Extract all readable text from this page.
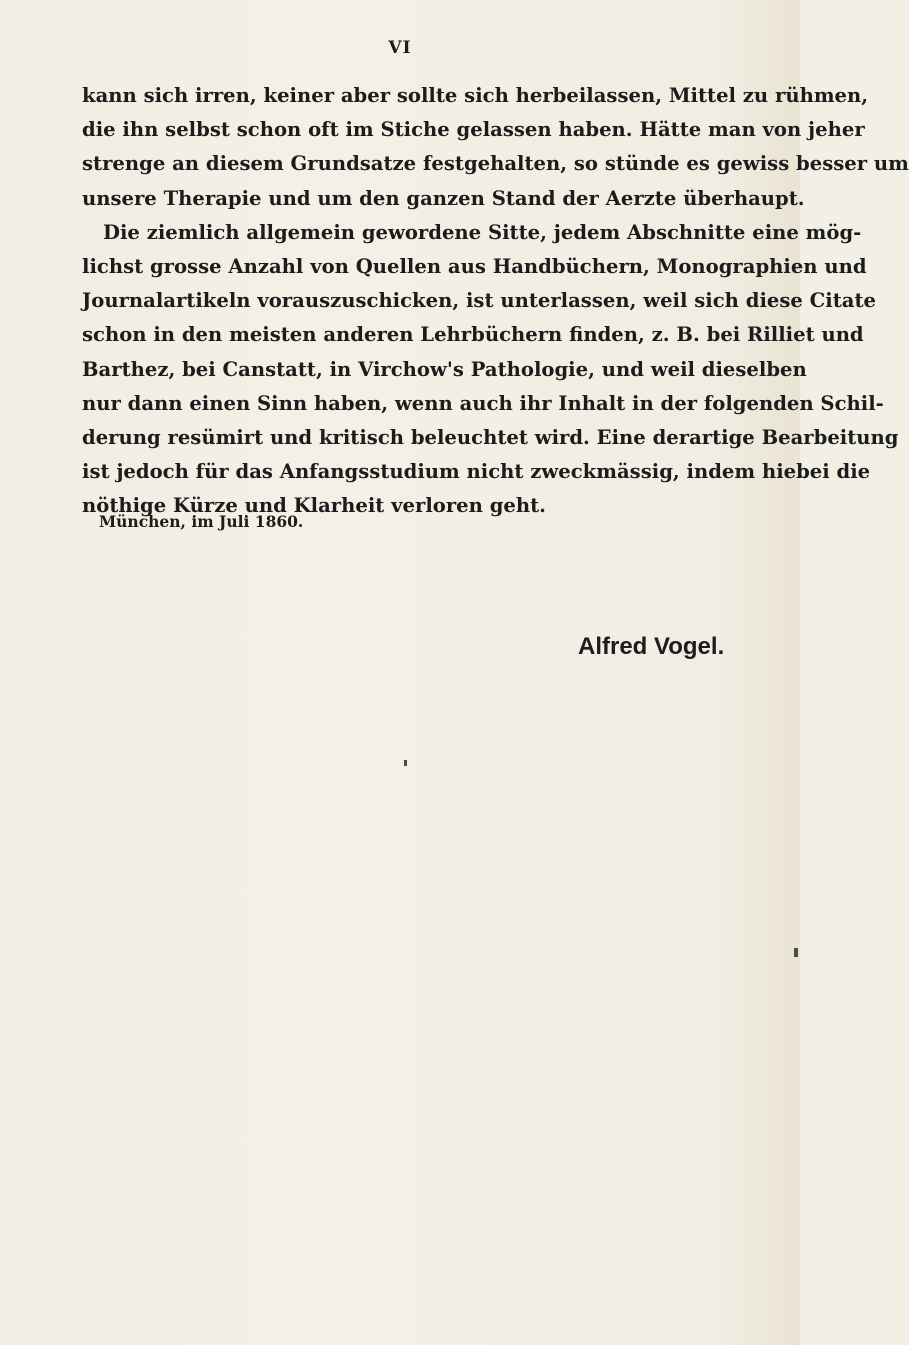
VI
kann sich irren, keiner aber sollte sich herbeilassen, Mittel zu rühmen,
die ihn selbst schon oft im Stiche gelassen haben. Hätte man von jeher
strenge an diesem Grundsatze festgehalten, so stünde es gewiss besser um
unsere Therapie und um den ganzen Stand der Aerzte überhaupt.
Die ziemlich allgemein gewordene Sitte, jedem Abschnitte eine mög-
lichst grosse Anzahl von Quellen aus Handbüchern, Monographien und
Journalartikeln vorauszuschicken, ist unterlassen, weil sich diese Citate
schon in den meisten anderen Lehrbüchern finden, z. B. bei Rilliet und
Barthez, bei Canstatt, in Virchow's Pathologie, und weil dieselben
nur dann einen Sinn haben, wenn auch ihr Inhalt in der folgenden Schil-
derung resümirt und kritisch beleuchtet wird. Eine derartige Bearbeitung
ist jedoch für das Anfangsstudium nicht zweckmässig, indem hiebei die
nöthige Kürze und Klarheit verloren geht.
München, im Juli 1860.
Alfred Vogel.
